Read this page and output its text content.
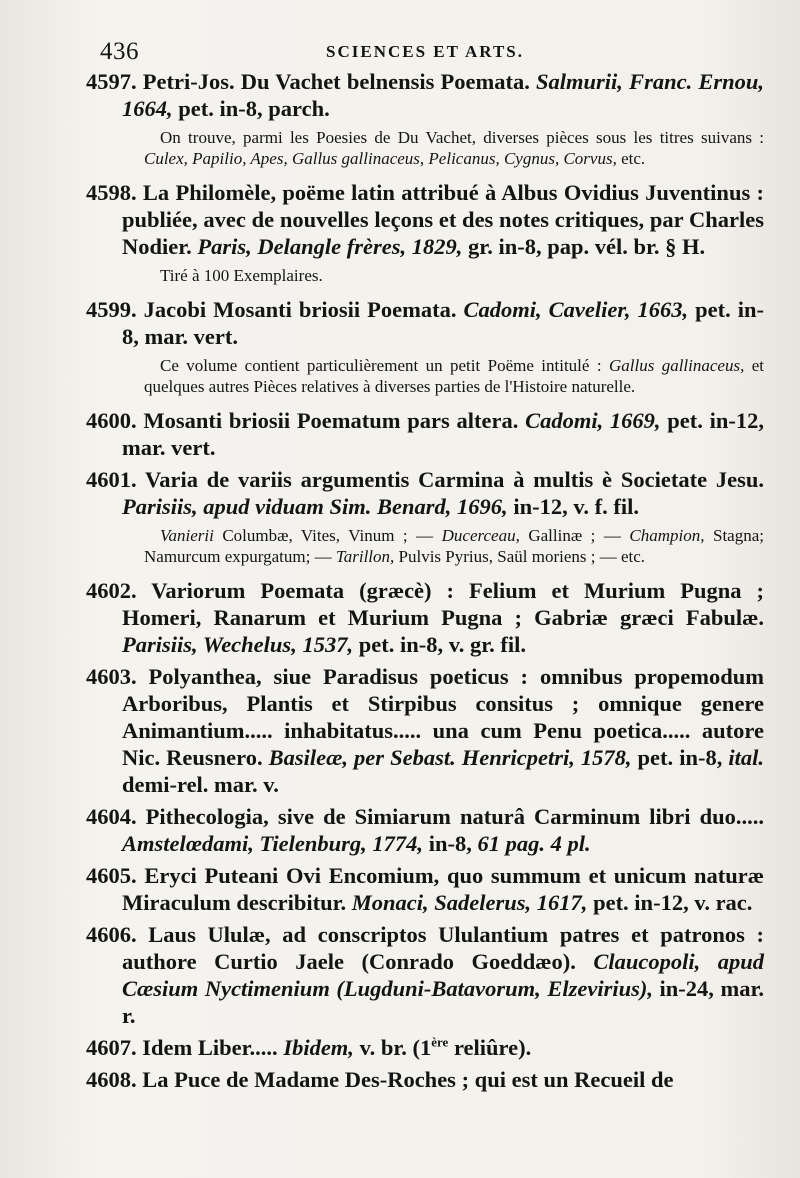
436	SCIENCES ET ARTS.

4597. Petri-Jos. Du Vachet belnensis Poemata. Salmurii, Franc. Ernou, 1664, pet. in-8, parch.

On trouve, parmi les Poesies de Du Vachet, diverses pièces sous les titres suivans : Culex, Papilio, Apes, Gallus gallinaceus, Pelicanus, Cygnus, Corvus, etc.

4598. La Philomèle, poëme latin attribué à Albus Ovidius Juventinus : publiée, avec de nouvelles leçons et des notes critiques, par Charles Nodier. Paris, Delangle frères, 1829, gr. in-8, pap. vél. br. § H.

Tiré à 100 Exemplaires.

4599. Jacobi Mosanti briosii Poemata. Cadomi, Cavelier, 1663, pet. in-8, mar. vert.

Ce volume contient particulièrement un petit Poëme intitulé : Gallus gallinaceus, et quelques autres Pièces relatives à diverses parties de l'Histoire naturelle.

4600. Mosanti briosii Poematum pars altera. Cadomi, 1669, pet. in-12, mar. vert.

4601. Varia de variis argumentis Carmina à multis è Societate Jesu. Parisiis, apud viduam Sim. Benard, 1696, in-12, v. f. fil.

Vanierii Columbæ, Vites, Vinum ; — Ducerceau, Gallinæ ; — Champion, Stagna; Namurcum expurgatum; — Tarillon, Pulvis Pyrius, Saül moriens ; — etc.

4602. Variorum Poemata (græcè) : Felium et Murium Pugna ; Homeri, Ranarum et Murium Pugna ; Gabriæ græci Fabulæ. Parisiis, Wechelus, 1537, pet. in-8, v. gr. fil.

4603. Polyanthea, siue Paradisus poeticus : omnibus propemodum Arboribus, Plantis et Stirpibus consitus ; omnique genere Animantium..... inhabitatus..... una cum Penu poetica..... autore Nic. Reusnero. Basileæ, per Sebast. Henricpetri, 1578, pet. in-8, ital. demi-rel. mar. v.

4604. Pithecologia, sive de Simiarum naturâ Carminum libri duo..... Amstelœdami, Tielenburg, 1774, in-8, 61 pag. 4 pl.

4605. Eryci Puteani Ovi Encomium, quo summum et unicum naturæ Miraculum describitur. Monaci, Sadelerus, 1617, pet. in-12, v. rac.

4606. Laus Ululæ, ad conscriptos Ululantium patres et patronos : authore Curtio Jaele (Conrado Goeddæo). Claucopoli, apud Cæsium Nyctimenium (Lugduni-Batavorum, Elzevirius), in-24, mar. r.

4607. Idem Liber..... Ibidem, v. br. (1ère reliûre).

4608. La Puce de Madame Des-Roches ; qui est un Recueil de
